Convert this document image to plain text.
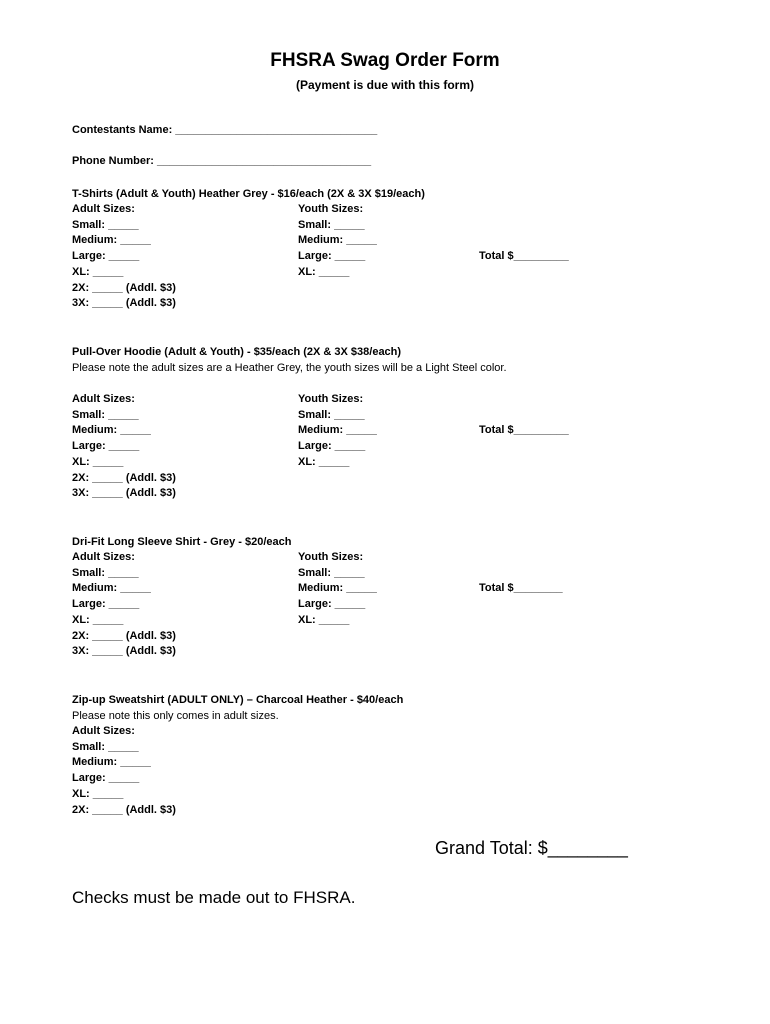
FHSRA Swag Order Form
(Payment is due with this form)
Contestants Name: _________________________________
Phone Number: ___________________________________
T-Shirts (Adult & Youth) Heather Grey - $16/each (2X & 3X $19/each)
Adult Sizes:
Small: _____
Medium: _____
Large: _____
XL: _____
2X: _____ (Addl. $3)
3X: _____ (Addl. $3)
Youth Sizes:
Small: _____
Medium: _____
Large: _____
XL: _____
Total $_________
Pull-Over Hoodie (Adult & Youth) - $35/each (2X & 3X $38/each)
Please note the adult sizes are a Heather Grey, the youth sizes will be a Light Steel color.
Adult Sizes:
Small: _____
Medium: _____
Large: _____
XL: _____
2X: _____ (Addl. $3)
3X: _____ (Addl. $3)
Youth Sizes:
Small: _____
Medium: _____
Large: _____
XL: _____
Total $_________
Dri-Fit Long Sleeve Shirt - Grey - $20/each
Adult Sizes:
Small: _____
Medium: _____
Large: _____
XL: _____
2X: _____ (Addl. $3)
3X: _____ (Addl. $3)
Youth Sizes:
Small: _____
Medium: _____
Large: _____
XL: _____
Total $________
Zip-up Sweatshirt (ADULT ONLY) – Charcoal Heather - $40/each
Please note this only comes in adult sizes.
Adult Sizes:
Small: _____
Medium: _____
Large: _____
XL: _____
2X: _____ (Addl. $3)
Grand Total: $________
Checks must be made out to FHSRA.
